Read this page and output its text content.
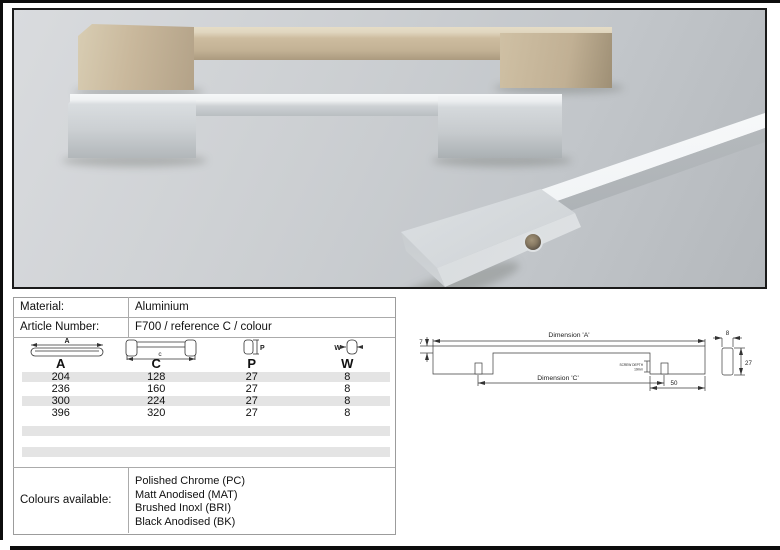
Material:	Aluminium
Article Number:	F700 / reference C / colour
A
c
P	W
A	C	P	W
204	128	27	8
236	160	27	8
300	224	27	8
396	320	27	8
Colours available:
Polished Chrome (PC)
Matt Anodised (MAT)
Brushed Inoxl (BRI)
Black Anodised (BK)
Dimension 'A'
7
Dimension 'C'
SCREW DEPTH
10mm
50
8
27
